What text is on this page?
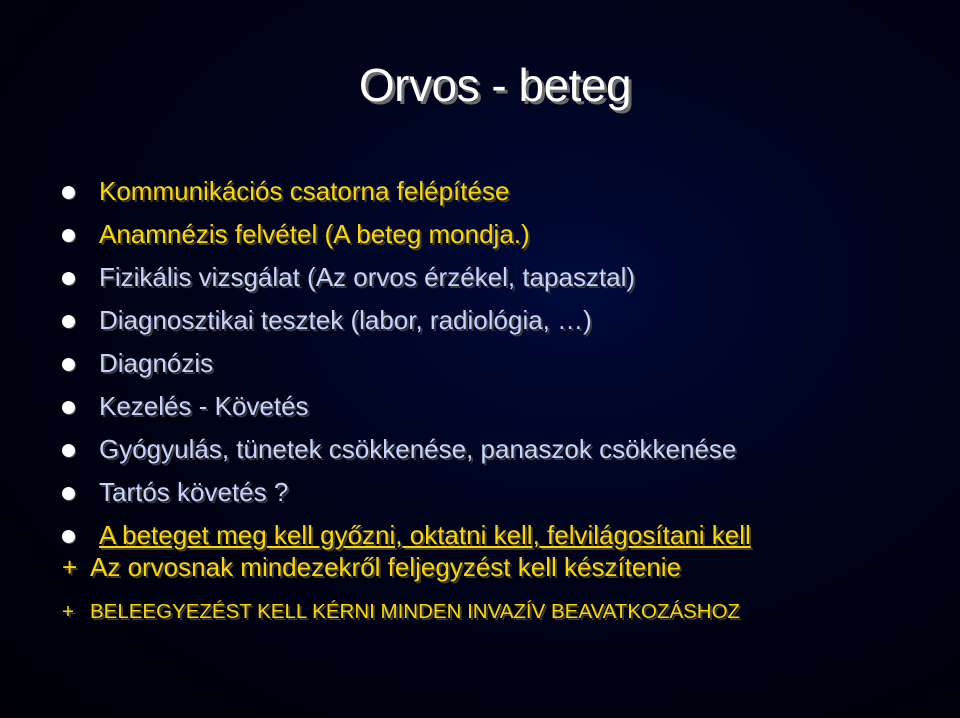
Orvos - beteg
Kommunikációs csatorna felépítése
Anamnézis felvétel (A beteg mondja.)
Fizikális vizsgálat (Az orvos érzékel, tapasztal)
Diagnosztikai tesztek (labor, radiológia, …)
Diagnózis
Kezelés - Követés
Gyógyulás, tünetek csökkenése, panaszok csökkenése
Tartós követés ?
A beteget meg kell győzni, oktatni kell, felvilágosítani kell
+ Az orvosnak mindezekről feljegyzést kell készítenie
+ BELEEGYEZÉST KELL KÉRNI MINDEN INVAZÍV BEAVATKOZÁSHOZ
